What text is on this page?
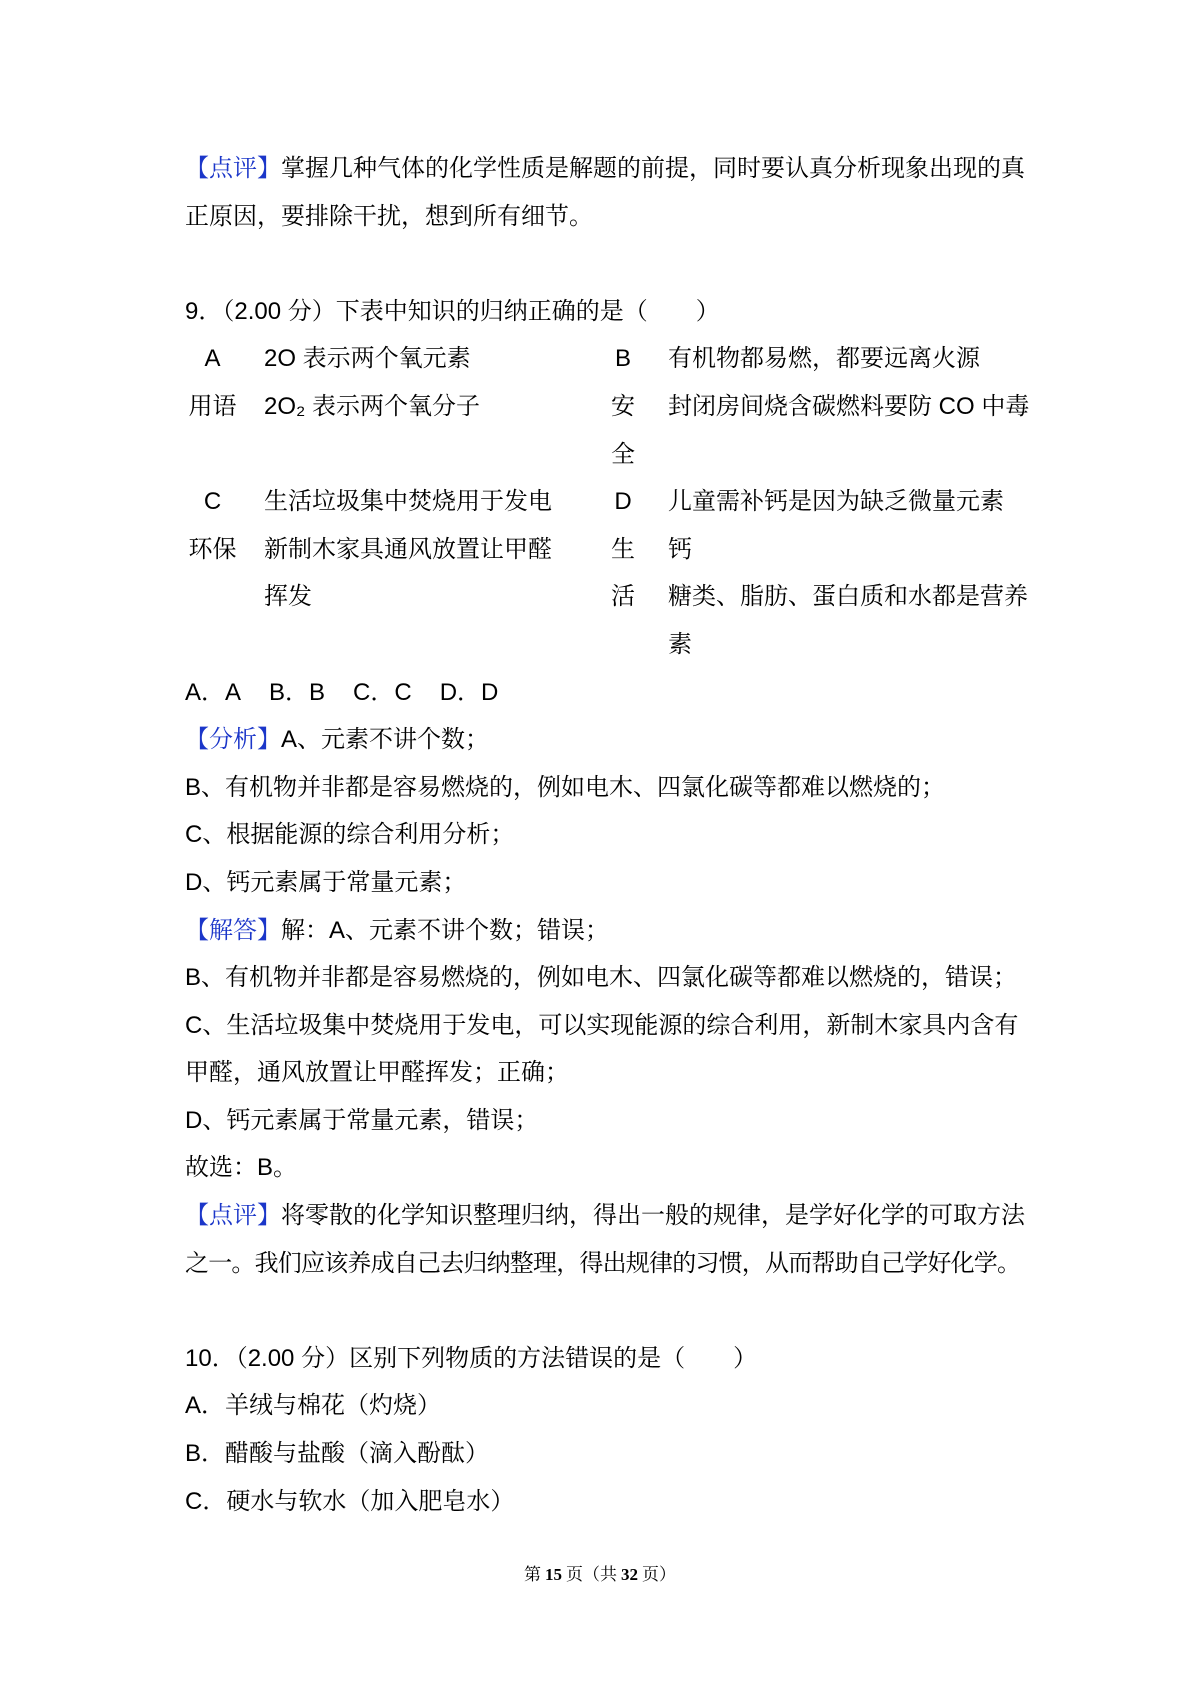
【点评】掌握几种气体的化学性质是解题的前提，同时要认真分析现象出现的真
正原因，要排除干扰，想到所有细节。
9．（2.00 分）下表中知识的归纳正确的是（　　）
A
用语
2O 表示两个氧元素
2O₂ 表示两个氧分子
B
安全
有机物都易燃，都要远离火源
封闭房间烧含碳燃料要防 CO 中毒
C
环保
生活垃圾集中焚烧用于发电
新制木家具通风放置让甲醛
挥发
D
生活
儿童需补钙是因为缺乏微量元素
钙
糖类、脂肪、蛋白质和水都是营养
素
A．A B．B C．C D．D
【分析】A、元素不讲个数；
B、有机物并非都是容易燃烧的，例如电木、四氯化碳等都难以燃烧的；
C、根据能源的综合利用分析；
D、钙元素属于常量元素；
【解答】解：A、元素不讲个数；错误；
B、有机物并非都是容易燃烧的，例如电木、四氯化碳等都难以燃烧的，错误；
C、生活垃圾集中焚烧用于发电，可以实现能源的综合利用，新制木家具内含有
甲醛，通风放置让甲醛挥发；正确；
D、钙元素属于常量元素，错误；
故选：B。
【点评】将零散的化学知识整理归纳，得出一般的规律，是学好化学的可取方法
之一。我们应该养成自己去归纳整理，得出规律的习惯，从而帮助自己学好化学。
10．（2.00 分）区别下列物质的方法错误的是（　　）
A．羊绒与棉花（灼烧）
B．醋酸与盐酸（滴入酚酞）
C．硬水与软水（加入肥皂水）
第 15 页（共 32 页）
